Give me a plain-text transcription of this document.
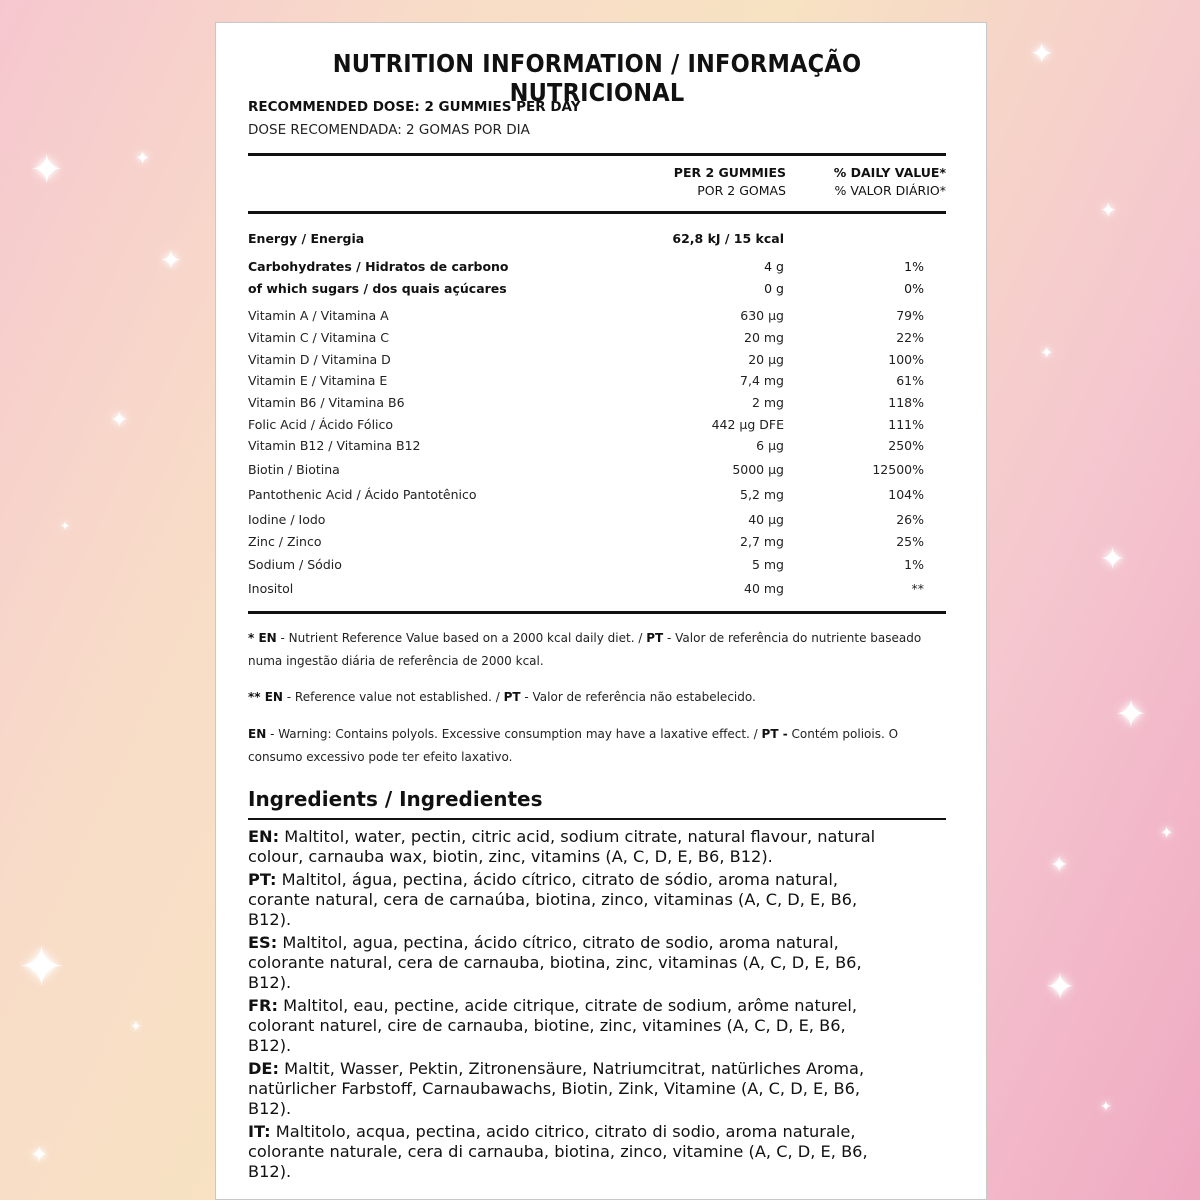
✦	✦
✦
✦
✦
✦
✦
✦
✦
✦
✦
✦
✦
✦
✦
✦
✦
NUTRITION INFORMATION / INFORMAÇÃO NUTRICIONAL
RECOMMENDED DOSE: 2 GUMMIES PER DAY
DOSE RECOMENDADA: 2 GOMAS POR DIA
PER 2 GUMMIES
POR 2 GOMAS
% DAILY VALUE*
% VALOR DIÁRIO*
Energy / Energia	62,8 kJ / 15 kcal
Carbohydrates / Hidratos de carbono	4 g	1%
of which sugars / dos quais açúcares	0 g	0%
Vitamin A / Vitamina A	630 µg	79%
Vitamin C / Vitamina C	20 mg	22%
Vitamin D / Vitamina D	20 µg	100%
Vitamin E / Vitamina E	7,4 mg	61%
Vitamin B6 / Vitamina B6	2 mg	118%
Folic Acid / Ácido Fólico	442 µg DFE	111%
Vitamin B12 / Vitamina B12	6 µg	250%
Biotin / Biotina	5000 µg	12500%
Pantothenic Acid / Ácido Pantotênico	5,2 mg	104%
Iodine / Iodo	40 µg	26%
Zinc / Zinco	2,7 mg	25%
Sodium / Sódio	5 mg	1%
Inositol	40 mg	**
* EN - Nutrient Reference Value based on a 2000 kcal daily diet. / PT - Valor de referência do nutriente baseado numa ingestão diária de referência de 2000 kcal.
** EN - Reference value not established. / PT - Valor de referência não estabelecido.
EN - Warning: Contains polyols. Excessive consumption may have a laxative effect. / PT - Contém poliois. O consumo excessivo pode ter efeito laxativo.
Ingredients / Ingredientes

EN: Maltitol, water, pectin, citric acid, sodium citrate, natural flavour, natural colour, carnauba wax, biotin, zinc, vitamins (A, C, D, E, B6, B12).

PT: Maltitol, água, pectina, ácido cítrico, citrato de sódio, aroma natural, corante natural, cera de carnaúba, biotina, zinco, vitaminas (A, C, D, E, B6, B12).

ES: Maltitol, agua, pectina, ácido cítrico, citrato de sodio, aroma natural, colorante natural, cera de carnauba, biotina, zinc, vitaminas (A, C, D, E, B6, B12).

FR: Maltitol, eau, pectine, acide citrique, citrate de sodium, arôme naturel, colorant naturel, cire de carnauba, biotine, zinc, vitamines (A, C, D, E, B6, B12).

DE: Maltit, Wasser, Pektin, Zitronensäure, Natriumcitrat, natürliches Aroma, natürlicher Farbstoff, Carnaubawachs, Biotin, Zink, Vitamine (A, C, D, E, B6, B12).

IT: Maltitolo, acqua, pectina, acido citrico, citrato di sodio, aroma naturale, colorante naturale, cera di carnauba, biotina, zinco, vitamine (A, C, D, E, B6, B12).
